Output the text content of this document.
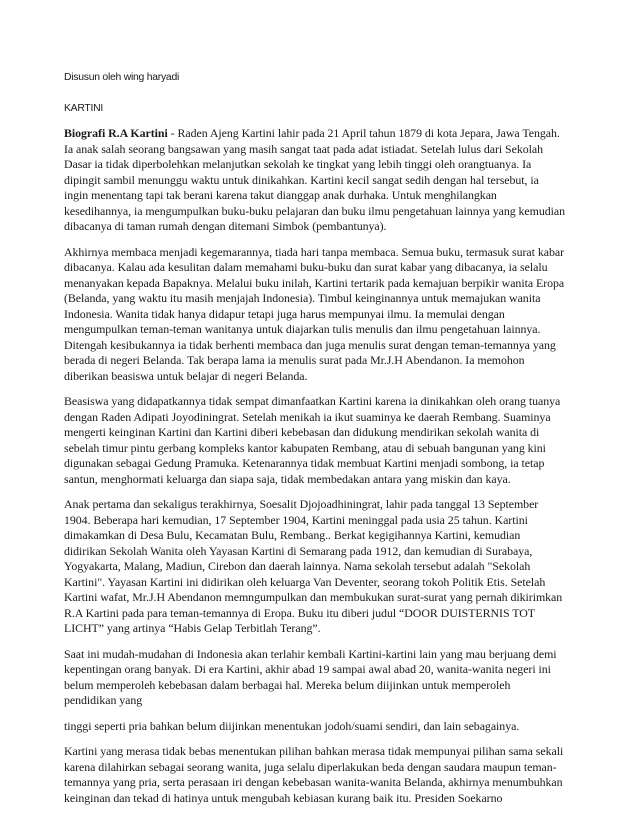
Disusun oleh wing haryadi

KARTINI

Biografi R.A Kartini - Raden Ajeng Kartini lahir pada 21 April tahun 1879 di kota Jepara, Jawa Tengah.
Ia anak salah seorang bangsawan yang masih sangat taat pada adat istiadat. Setelah lulus dari Sekolah
Dasar ia tidak diperbolehkan melanjutkan sekolah ke tingkat yang lebih tinggi oleh orangtuanya. Ia
dipingit sambil menunggu waktu untuk dinikahkan. Kartini kecil sangat sedih dengan hal tersebut, ia
ingin menentang tapi tak berani karena takut dianggap anak durhaka. Untuk menghilangkan
kesedihannya, ia mengumpulkan buku-buku pelajaran dan buku ilmu pengetahuan lainnya yang kemudian
dibacanya di taman rumah dengan ditemani Simbok (pembantunya).

Akhirnya membaca menjadi kegemarannya, tiada hari tanpa membaca. Semua buku, termasuk surat kabar
dibacanya. Kalau ada kesulitan dalam memahami buku-buku dan surat kabar yang dibacanya, ia selalu
menanyakan kepada Bapaknya. Melalui buku inilah, Kartini tertarik pada kemajuan berpikir wanita Eropa
(Belanda, yang waktu itu masih menjajah Indonesia). Timbul keinginannya untuk memajukan wanita
Indonesia. Wanita tidak hanya didapur tetapi juga harus mempunyai ilmu. Ia memulai dengan
mengumpulkan teman-teman wanitanya untuk diajarkan tulis menulis dan ilmu pengetahuan lainnya.
Ditengah kesibukannya ia tidak berhenti membaca dan juga menulis surat dengan teman-temannya yang
berada di negeri Belanda. Tak berapa lama ia menulis surat pada Mr.J.H Abendanon. Ia memohon
diberikan beasiswa untuk belajar di negeri Belanda.

Beasiswa yang didapatkannya tidak sempat dimanfaatkan Kartini karena ia dinikahkan oleh orang tuanya
dengan Raden Adipati Joyodiningrat. Setelah menikah ia ikut suaminya ke daerah Rembang. Suaminya
mengerti keinginan Kartini dan Kartini diberi kebebasan dan didukung mendirikan sekolah wanita di
sebelah timur pintu gerbang kompleks kantor kabupaten Rembang, atau di sebuah bangunan yang kini
digunakan sebagai Gedung Pramuka. Ketenarannya tidak membuat Kartini menjadi sombong, ia tetap
santun, menghormati keluarga dan siapa saja, tidak membedakan antara yang miskin dan kaya.

Anak pertama dan sekaligus terakhirnya, Soesalit Djojoadhiningrat, lahir pada tanggal 13 September
1904. Beberapa hari kemudian, 17 September 1904, Kartini meninggal pada usia 25 tahun. Kartini
dimakamkan di Desa Bulu, Kecamatan Bulu, Rembang.. Berkat kegigihannya Kartini, kemudian
didirikan Sekolah Wanita oleh Yayasan Kartini di Semarang pada 1912, dan kemudian di Surabaya,
Yogyakarta, Malang, Madiun, Cirebon dan daerah lainnya. Nama sekolah tersebut adalah "Sekolah
Kartini". Yayasan Kartini ini didirikan oleh keluarga Van Deventer, seorang tokoh Politik Etis. Setelah
Kartini wafat, Mr.J.H Abendanon memngumpulkan dan membukukan surat-surat yang pernah dikirimkan
R.A Kartini pada para teman-temannya di Eropa. Buku itu diberi judul “DOOR DUISTERNIS TOT
LICHT” yang artinya “Habis Gelap Terbitlah Terang”.

Saat ini mudah-mudahan di Indonesia akan terlahir kembali Kartini-kartini lain yang mau berjuang demi
kepentingan orang banyak. Di era Kartini, akhir abad 19 sampai awal abad 20, wanita-wanita negeri ini
belum memperoleh kebebasan dalam berbagai hal. Mereka belum diijinkan untuk memperoleh
pendidikan yang

tinggi seperti pria bahkan belum diijinkan menentukan jodoh/suami sendiri, dan lain sebagainya.

Kartini yang merasa tidak bebas menentukan pilihan bahkan merasa tidak mempunyai pilihan sama sekali
karena dilahirkan sebagai seorang wanita, juga selalu diperlakukan beda dengan saudara maupun teman-
temannya yang pria, serta perasaan iri dengan kebebasan wanita-wanita Belanda, akhirnya menumbuhkan
keinginan dan tekad di hatinya untuk mengubah kebiasan kurang baik itu. Presiden Soekarno
